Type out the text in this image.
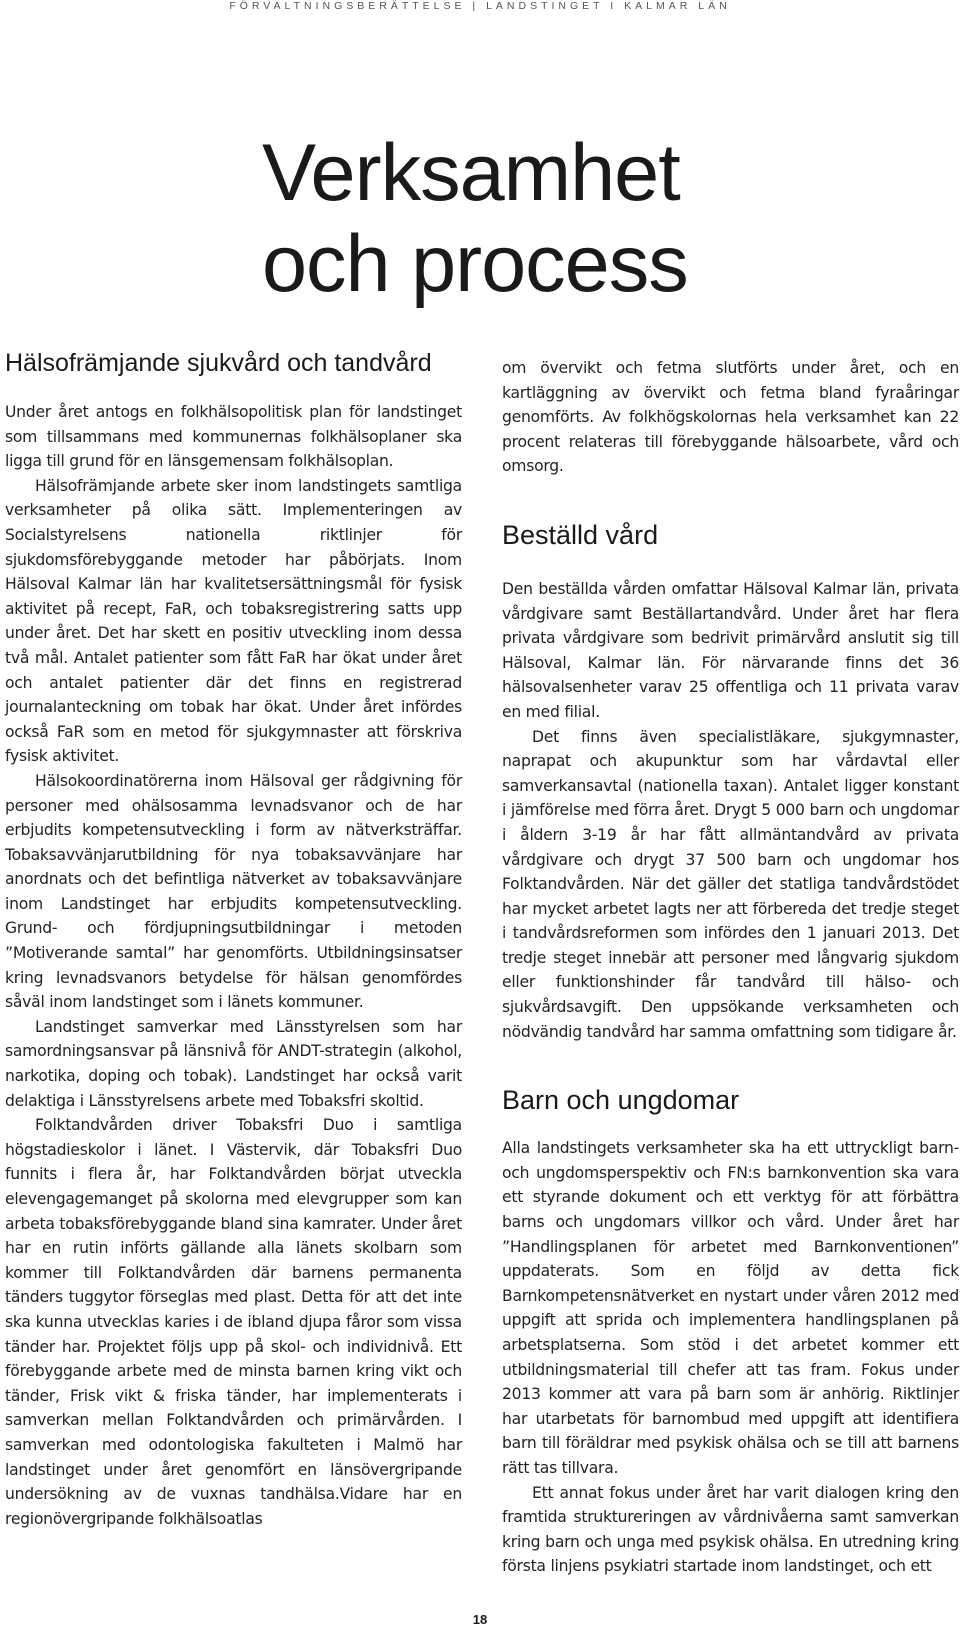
FÖRVALTNINGSBERÄTTELSE | LANDSTINGET I KALMAR LÄN

Verksamhet
och process
Hälsofrämjande sjukvård och tandvård

Under året antogs en folkhälsopolitisk plan för landstinget som tillsammans med kommunernas folkhälsoplaner ska ligga till grund för en länsgemensam folkhälsoplan.

Hälsofrämjande arbete sker inom landstingets samtliga verksamheter på olika sätt. Implementeringen av Socialstyrelsens nationella riktlinjer för sjukdomsförebyggande metoder har påbörjats. Inom Hälsoval Kalmar län har kvalitetsersättningsmål för fysisk aktivitet på recept, FaR, och tobaksregistrering satts upp under året. Det har skett en positiv utveckling inom dessa två mål. Antalet patienter som fått FaR har ökat under året och antalet patienter där det finns en registrerad journalanteckning om tobak har ökat. Under året infördes också FaR som en metod för sjukgymnaster att förskriva fysisk aktivitet.

Hälsokoordinatörerna inom Hälsoval ger rådgivning för personer med ohälsosamma levnadsvanor och de har erbjudits kompetensutveckling i form av nätverksträffar. Tobaksavvänjarutbildning för nya tobaksavvänjare har anordnats och det befintliga nätverket av tobaksavvänjare inom Landstinget har erbjudits kompetensutveckling. Grund- och fördjupningsutbildningar i metoden ”Motiverande samtal” har genomförts. Utbildningsinsatser kring levnadsvanors betydelse för hälsan genomfördes såväl inom landstinget som i länets kommuner.

Landstinget samverkar med Länsstyrelsen som har samordningsansvar på länsnivå för ANDT-strategin (alkohol, narkotika, doping och tobak). Landstinget har också varit delaktiga i Länsstyrelsens arbete med Tobaksfri skoltid.

Folktandvården driver Tobaksfri Duo i samtliga högstadieskolor i länet. I Västervik, där Tobaksfri Duo funnits i flera år, har Folktandvården börjat utveckla elevengagemanget på skolorna med elevgrupper som kan arbeta tobaksförebyggande bland sina kamrater. Under året har en rutin införts gällande alla länets skolbarn som kommer till Folktandvården där barnens permanenta tänders tuggytor förseglas med plast. Detta för att det inte ska kunna utvecklas karies i de ibland djupa fåror som vissa tänder har. Projektet följs upp på skol- och individnivå. Ett förebyggande arbete med de minsta barnen kring vikt och tänder, Frisk vikt & friska tänder, har implementerats i samverkan mellan Folktandvården och primärvården. I samverkan med odontologiska fakulteten i Malmö har landstinget under året genomfört en länsövergripande undersökning av de vuxnas tandhälsa.Vidare har en regionövergripande folkhälsoatlas

om övervikt och fetma slutförts under året, och en kartläggning av övervikt och fetma bland fyraåringar genomförts. Av folkhögskolornas hela verksamhet kan 22 procent relateras till förebyggande hälsoarbete, vård och omsorg.

Beställd vård

Den beställda vården omfattar Hälsoval Kalmar län, privata vårdgivare samt Beställartandvård. Under året har flera privata vårdgivare som bedrivit primärvård anslutit sig till Hälsoval, Kalmar län. För närvarande finns det 36 hälsovalsenheter varav 25 offentliga och 11 privata varav en med filial.

Det finns även specialistläkare, sjukgymnaster, naprapat och akupunktur som har vårdavtal eller samverkansavtal (nationella taxan). Antalet ligger konstant i jämförelse med förra året. Drygt 5 000 barn och ungdomar i åldern 3-19 år har fått allmäntandvård av privata vårdgivare och drygt 37 500 barn och ungdomar hos Folktandvården. När det gäller det statliga tandvårdstödet har mycket arbetet lagts ner att förbereda det tredje steget i tandvårdsreformen som infördes den 1 januari 2013. Det tredje steget innebär att personer med långvarig sjukdom eller funktionshinder får tandvård till hälso- och sjukvårdsavgift. Den uppsökande verksamheten och nödvändig tandvård har samma omfattning som tidigare år.

Barn och ungdomar

Alla landstingets verksamheter ska ha ett uttryckligt barn- och ungdomsperspektiv och FN:s barnkonvention ska vara ett styrande dokument och ett verktyg för att förbättra barns och ungdomars villkor och vård. Under året har ”Handlingsplanen för arbetet med Barnkonventionen” uppdaterats. Som en följd av detta fick Barnkompetensnätverket en nystart under våren 2012 med uppgift att sprida och implementera handlingsplanen på arbetsplatserna. Som stöd i det arbetet kommer ett utbildningsmaterial till chefer att tas fram. Fokus under 2013 kommer att vara på barn som är anhörig. Riktlinjer har utarbetats för barnombud med uppgift att identifiera barn till föräldrar med psykisk ohälsa och se till att barnens rätt tas tillvara.

Ett annat fokus under året har varit dialogen kring den framtida struktureringen av vårdnivåerna samt samverkan kring barn och unga med psykisk ohälsa. En utredning kring första linjens psykiatri startade inom landstinget, och ett

18
